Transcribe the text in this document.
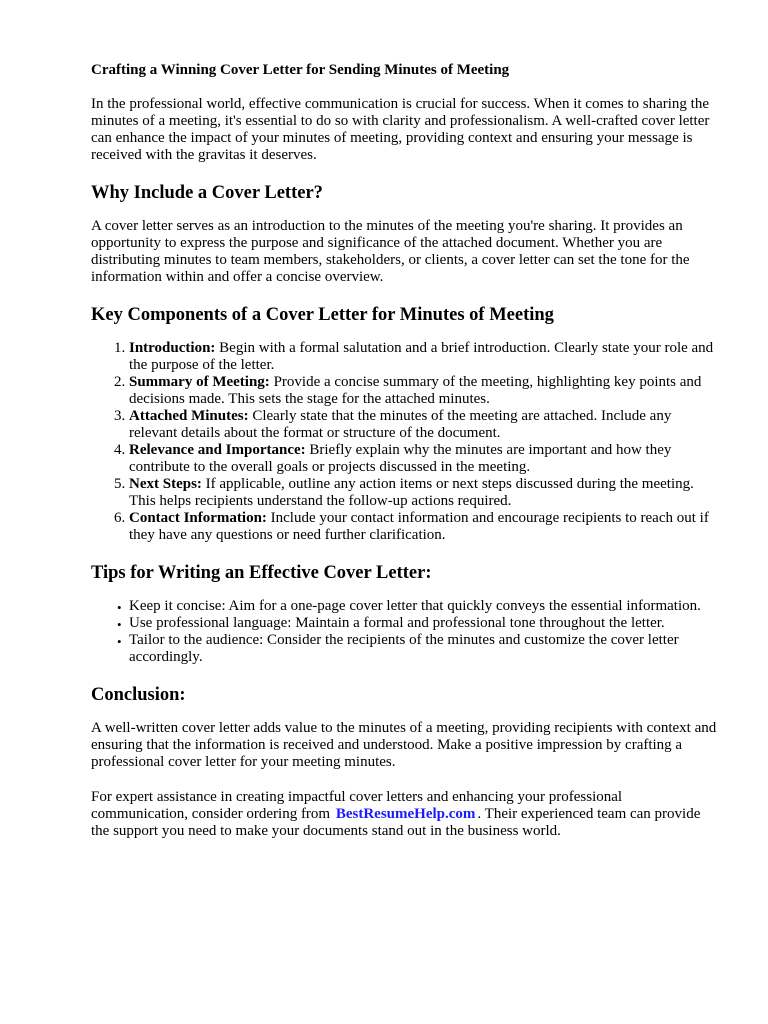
Crafting a Winning Cover Letter for Sending Minutes of Meeting

In the professional world, effective communication is crucial for success. When it comes to sharing the minutes of a meeting, it's essential to do so with clarity and professionalism. A well-crafted cover letter can enhance the impact of your minutes of meeting, providing context and ensuring your message is received with the gravitas it deserves.

Why Include a Cover Letter?

A cover letter serves as an introduction to the minutes of the meeting you're sharing. It provides an opportunity to express the purpose and significance of the attached document. Whether you are distributing minutes to team members, stakeholders, or clients, a cover letter can set the tone for the information within and offer a concise overview.

Key Components of a Cover Letter for Minutes of Meeting
1. Introduction: Begin with a formal salutation and a brief introduction. Clearly state your role and the purpose of the letter.
2. Summary of Meeting: Provide a concise summary of the meeting, highlighting key points and decisions made. This sets the stage for the attached minutes.
3. Attached Minutes: Clearly state that the minutes of the meeting are attached. Include any relevant details about the format or structure of the document.
4. Relevance and Importance: Briefly explain why the minutes are important and how they contribute to the overall goals or projects discussed in the meeting.
5. Next Steps: If applicable, outline any action items or next steps discussed during the meeting. This helps recipients understand the follow-up actions required.
6. Contact Information: Include your contact information and encourage recipients to reach out if they have any questions or need further clarification.
Tips for Writing an Effective Cover Letter:
• Keep it concise: Aim for a one-page cover letter that quickly conveys the essential information.
• Use professional language: Maintain a formal and professional tone throughout the letter.
• Tailor to the audience: Consider the recipients of the minutes and customize the cover letter accordingly.
Conclusion:

A well-written cover letter adds value to the minutes of a meeting, providing recipients with context and ensuring that the information is received and understood. Make a positive impression by crafting a professional cover letter for your meeting minutes.

For expert assistance in creating impactful cover letters and enhancing your professional communication, consider ordering from BestResumeHelp.com . Their experienced team can provide the support you need to make your documents stand out in the business world.
